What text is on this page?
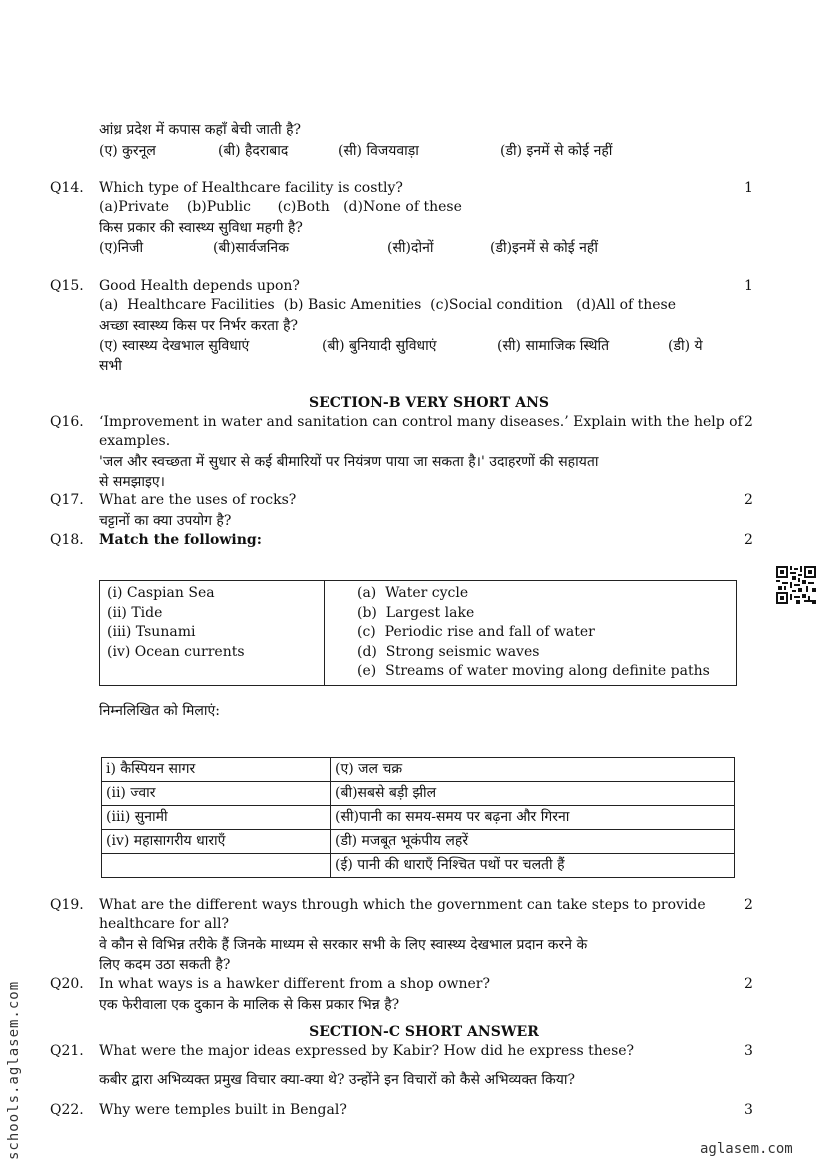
आंध्र प्रदेश में कपास कहाँ बेची जाती है?
(ए) कुरनूल	(बी) हैदराबाद	(सी) विजयवाड़ा	(डी) इनमें से कोई नहीं
Q14.	1
Which type of Healthcare facility is costly?
(a)Private    (b)Public      (c)Both   (d)None of these
किस प्रकार की स्वास्थ्य सुविधा महगी है?
(ए)निजी	(बी)सार्वजनिक	(सी)दोनों	(डी)इनमें से कोई नहीं
Q15.	1
Good Health depends upon?
(a)  Healthcare Facilities  (b) Basic Amenities  (c)Social condition   (d)All of these
अच्छा स्वास्थ्य किस पर निर्भर करता है?
(ए) स्वास्थ्य देखभाल सुविधाएं	(बी) बुनियादी सुविधाएं	(सी) सामाजिक स्थिति	(डी) ये
सभी
SECTION-B VERY SHORT ANS
Q16.	2
‘Improvement in water and sanitation can control many diseases.’ Explain with the help of
examples.
'जल और स्वच्छता में सुधार से कई बीमारियों पर नियंत्रण पाया जा सकता है।' उदाहरणों की सहायता
से समझाइए।
Q17.	2
What are the uses of rocks?
चट्टानों का क्या उपयोग है?
Q18.	2
Match the following:
(i) Caspian Sea
(ii) Tide
(iii) Tsunami
(iv) Ocean currents

(a)  Water cycle
(b)  Largest lake
(c)  Periodic rise and fall of water
(d)  Strong seismic waves
(e)  Streams of water moving along definite paths
निम्नलिखित को मिलाएं:
i) कैस्पियन सागर	(ए) जल चक्र
(ii) ज्वार	(बी)सबसे बड़ी झील
(iii) सुनामी	(सी)पानी का समय-समय पर बढ़ना और गिरना
(iv) महासागरीय धाराएँ	(डी) मजबूत भूकंपीय लहरें
	(ई) पानी की धाराएँ निश्चित पथों पर चलती हैं
Q19.	2
What are the different ways through which the government can take steps to provide
healthcare for all?
वे कौन से विभिन्न तरीके हैं जिनके माध्यम से सरकार सभी के लिए स्वास्थ्य देखभाल प्रदान करने के
लिए कदम उठा सकती है?
Q20.	2
In what ways is a hawker different from a shop owner?
एक फेरीवाला एक दुकान के मालिक से किस प्रकार भिन्न है?
SECTION-C SHORT ANSWER
Q21.	3
What were the major ideas expressed by Kabir? How did he express these?
कबीर द्वारा अभिव्यक्त प्रमुख विचार क्या-क्या थे? उन्होंने इन विचारों को कैसे अभिव्यक्त किया?
Q22.	3
Why were temples built in Bengal?
schools.aglasem.com	aglasem.com
